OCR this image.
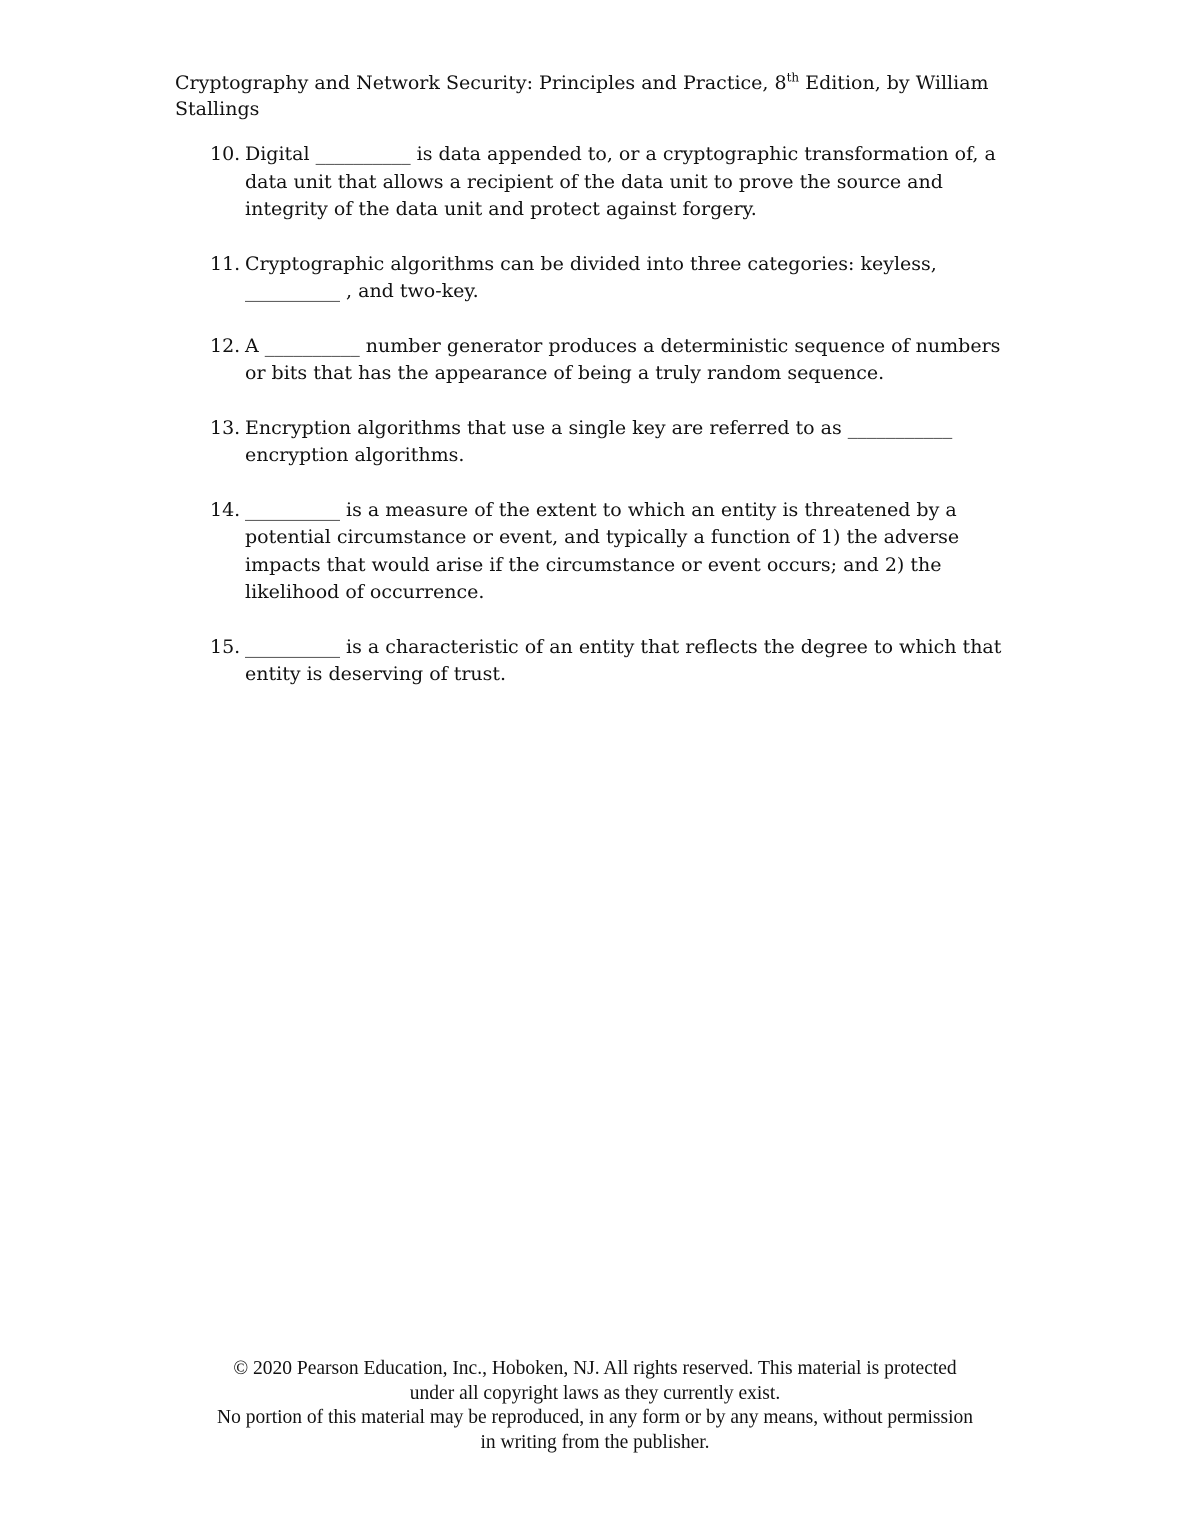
Cryptography and Network Security: Principles and Practice, 8th Edition, by William Stallings
10. Digital __________ is data appended to, or a cryptographic transformation of, a data unit that allows a recipient of the data unit to prove the source and integrity of the data unit and protect against forgery.
11. Cryptographic algorithms can be divided into three categories: keyless, __________ , and two-key.
12. A __________ number generator produces a deterministic sequence of numbers or bits that has the appearance of being a truly random sequence.
13. Encryption algorithms that use a single key are referred to as ___________ encryption algorithms.
14. __________ is a measure of the extent to which an entity is threatened by a potential circumstance or event, and typically a function of 1) the adverse impacts that would arise if the circumstance or event occurs; and 2) the likelihood of occurrence.
15. __________ is a characteristic of an entity that reflects the degree to which that entity is deserving of trust.
© 2020 Pearson Education, Inc., Hoboken, NJ. All rights reserved. This material is protected
under all copyright laws as they currently exist.
No portion of this material may be reproduced, in any form or by any means, without permission
in writing from the publisher.
